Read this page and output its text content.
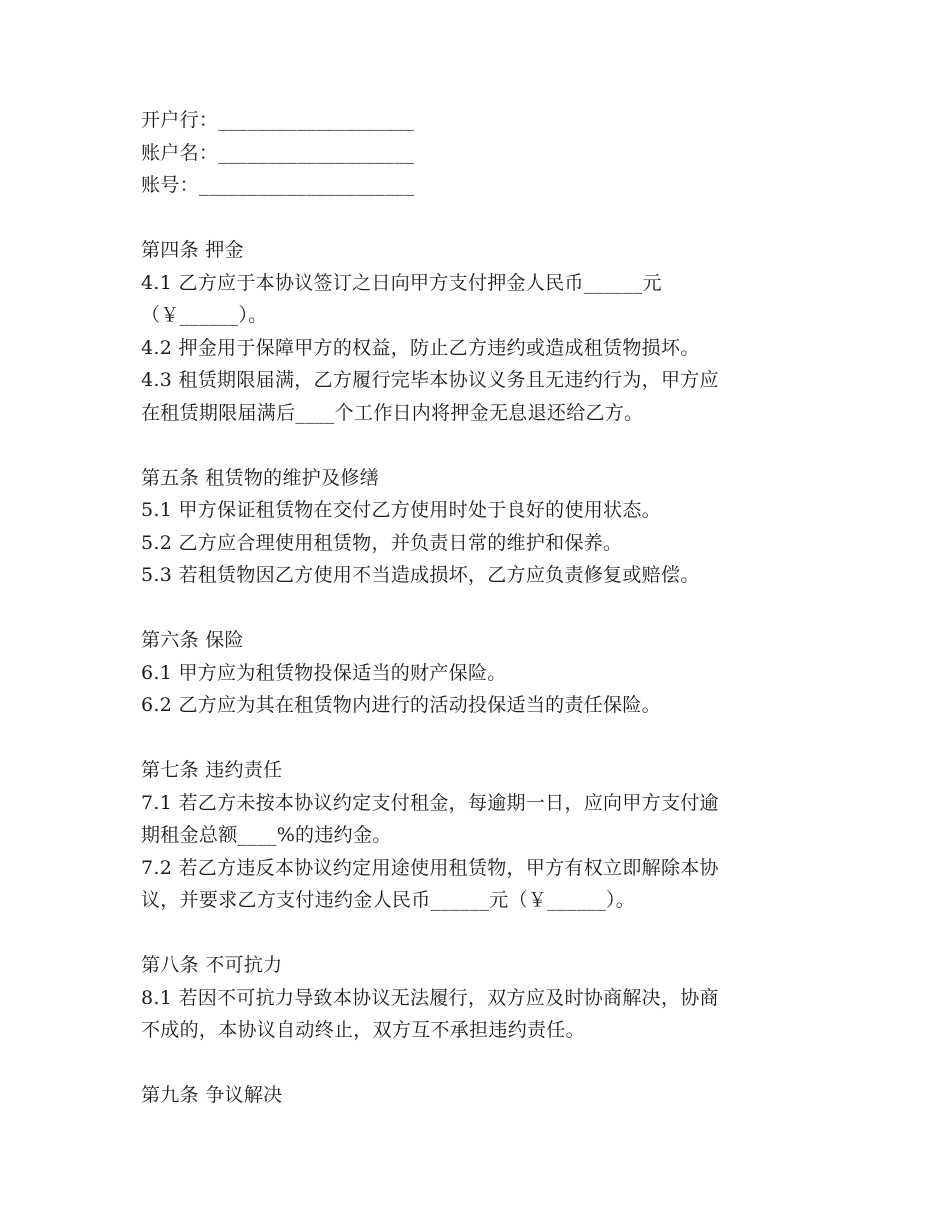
开户行：____________________

账户名：____________________

账号：______________________

第四条 押金

4.1 乙方应于本协议签订之日向甲方支付押金人民币______元
（￥______）。

4.2 押金用于保障甲方的权益，防止乙方违约或造成租赁物损坏。

4.3 租赁期限届满，乙方履行完毕本协议义务且无违约行为，甲方应
在租赁期限届满后____个工作日内将押金无息退还给乙方。

第五条 租赁物的维护及修缮

5.1 甲方保证租赁物在交付乙方使用时处于良好的使用状态。

5.2 乙方应合理使用租赁物，并负责日常的维护和保养。

5.3 若租赁物因乙方使用不当造成损坏，乙方应负责修复或赔偿。

第六条 保险

6.1 甲方应为租赁物投保适当的财产保险。

6.2 乙方应为其在租赁物内进行的活动投保适当的责任保险。

第七条 违约责任

7.1 若乙方未按本协议约定支付租金，每逾期一日，应向甲方支付逾
期租金总额____%的违约金。
7.2 若乙方违反本协议约定用途使用租赁物，甲方有权立即解除本协
议，并要求乙方支付违约金人民币______元（￥______）。

第八条 不可抗力

8.1 若因不可抗力导致本协议无法履行，双方应及时协商解决，协商
不成的，本协议自动终止，双方互不承担违约责任。

第九条 争议解决
